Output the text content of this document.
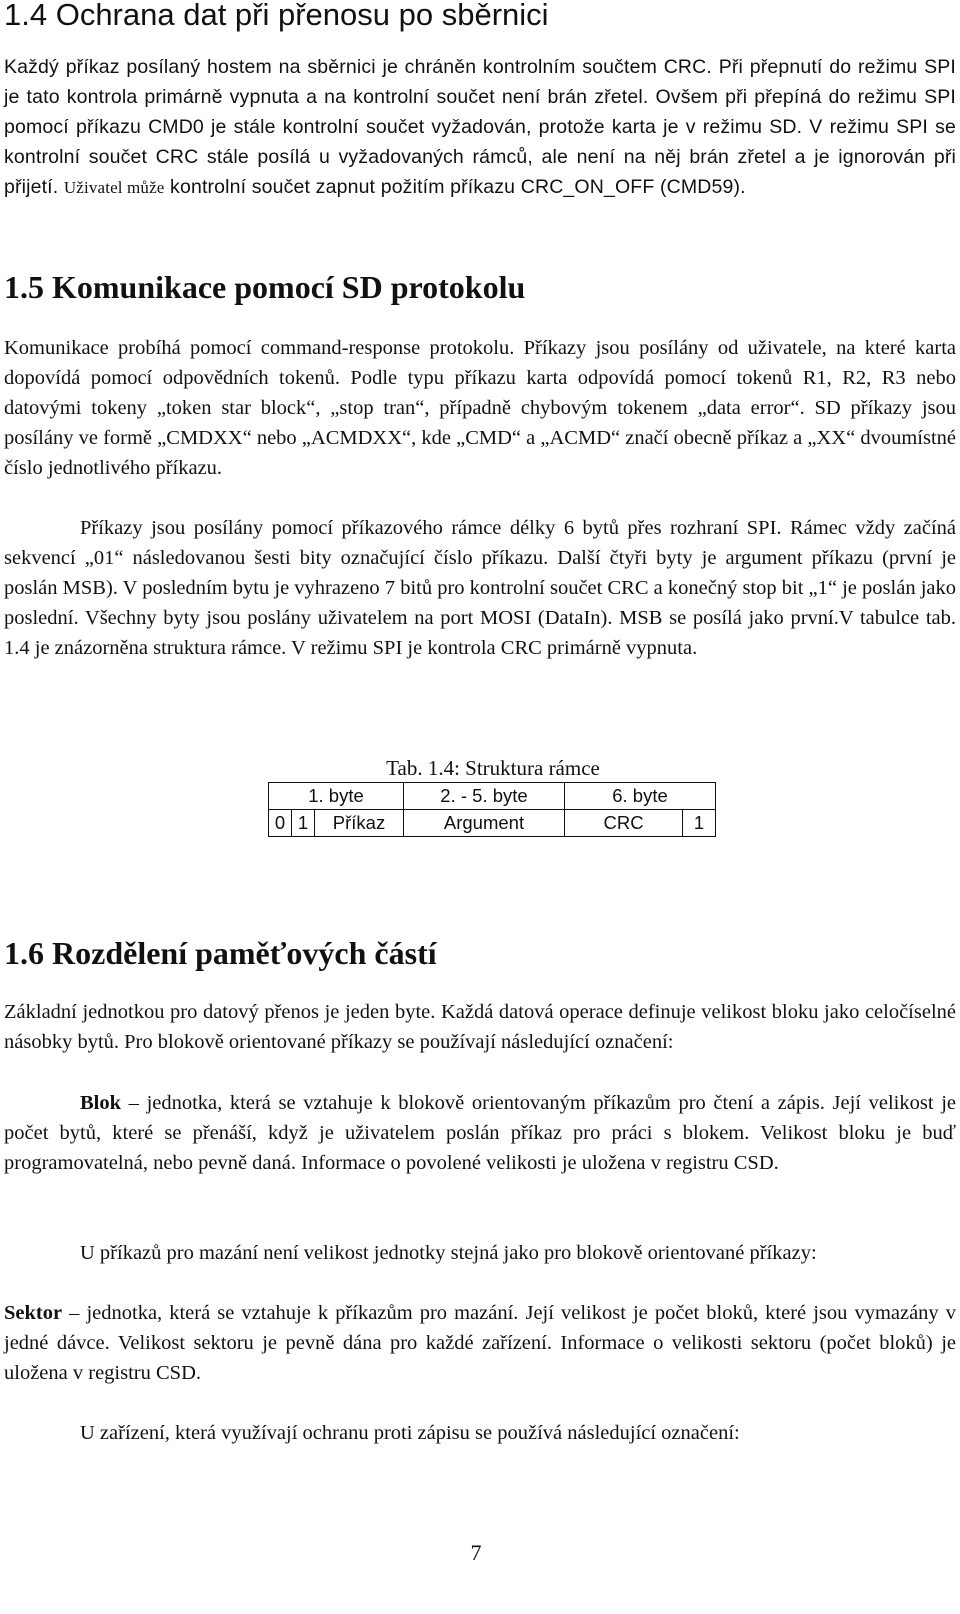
1.4 Ochrana dat při přenosu po sběrnici

Každý příkaz posílaný hostem na sběrnici je chráněn kontrolním součtem CRC. Při přepnutí do režimu SPI je tato kontrola primárně vypnuta a na kontrolní součet není brán zřetel. Ovšem při přepíná do režimu SPI pomocí příkazu CMD0 je stále kontrolní součet vyžadován, protože karta je v režimu SD. V režimu SPI se kontrolní součet CRC stále posílá u vyžadovaných rámců, ale není na něj brán zřetel a je ignorován při přijetí. Uživatel může kontrolní součet zapnut požitím příkazu CRC_ON_OFF (CMD59).

1.5 Komunikace pomocí SD protokolu

Komunikace probíhá pomocí command-response protokolu. Příkazy jsou posílány od uživatele, na které karta dopovídá pomocí odpovědních tokenů. Podle typu příkazu karta odpovídá pomocí tokenů R1, R2, R3 nebo datovými tokeny „token star block“, „stop tran“, případně chybovým tokenem „data error“. SD příkazy jsou posílány ve formě „CMDXX“ nebo „ACMDXX“, kde „CMD“ a „ACMD“ značí obecně příkaz a „XX“ dvoumístné číslo jednotlivého příkazu.

Příkazy jsou posílány pomocí příkazového rámce délky 6 bytů přes rozhraní SPI. Rámec vždy začíná sekvencí „01“ následovanou šesti bity označující číslo příkazu. Další čtyři byty je argument příkazu (první je poslán MSB). V posledním bytu je vyhrazeno 7 bitů pro kontrolní součet CRC a konečný stop bit „1“ je poslán jako poslední. Všechny byty jsou poslány uživatelem na port MOSI (DataIn). MSB se posílá jako první.V tabulce tab. 1.4 je znázorněna struktura rámce. V režimu SPI je kontrola CRC primárně vypnuta.

Tab. 1.4: Struktura rámce

1. byte			2. - 5. byte	6. byte	
0	1	Příkaz	Argument	CRC	1
1.6 Rozdělení paměťových částí

Základní jednotkou pro datový přenos je jeden byte. Každá datová operace definuje velikost bloku jako celočíselné násobky bytů. Pro blokově orientované příkazy se používají následující označení:

Blok – jednotka, která se vztahuje k blokově orientovaným příkazům pro čtení a zápis. Její velikost je počet bytů, které se přenáší, když je uživatelem poslán příkaz pro práci s blokem. Velikost bloku je buď programovatelná, nebo pevně daná. Informace o povolené velikosti je uložena v registru CSD.

U příkazů pro mazání není velikost jednotky stejná jako pro blokově orientované příkazy:

Sektor – jednotka, která se vztahuje k příkazům pro mazání. Její velikost je počet bloků, které jsou vymazány v jedné dávce. Velikost sektoru je pevně dána pro každé zařízení. Informace o velikosti sektoru (počet bloků) je uložena v registru CSD.

U zařízení, která využívají ochranu proti zápisu se používá následující označení:

7
